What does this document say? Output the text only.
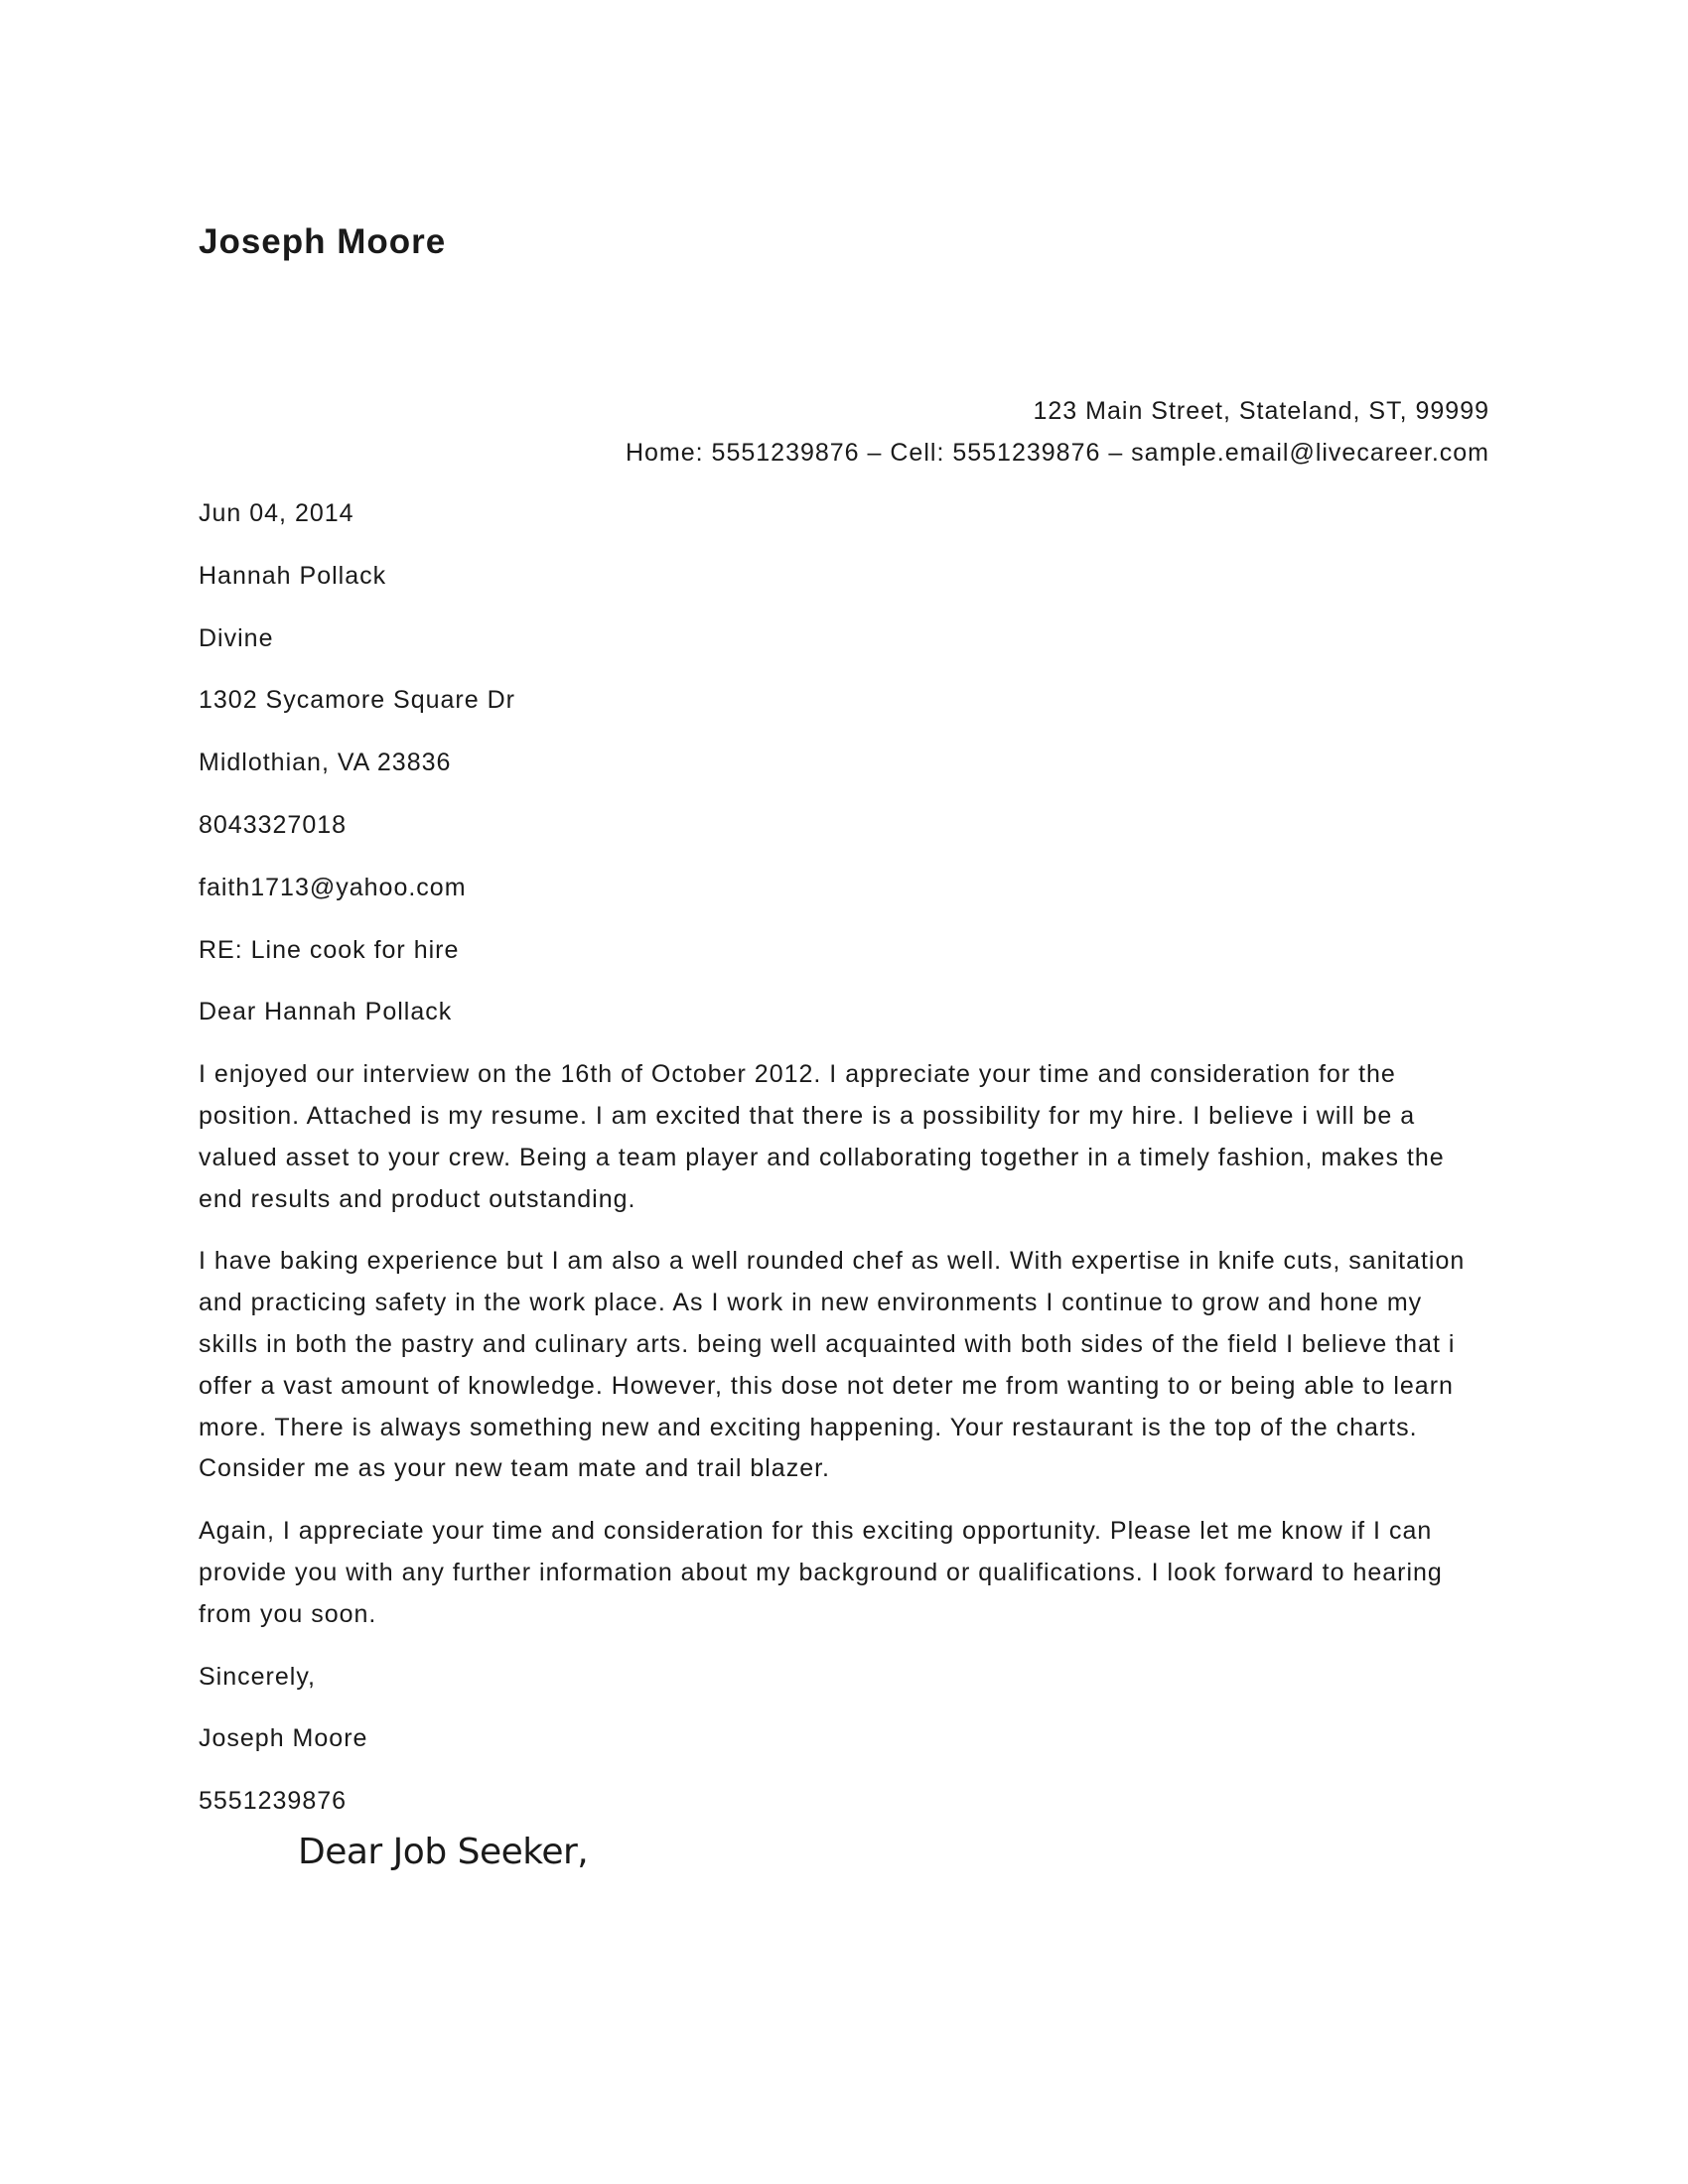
Joseph Moore
123 Main Street, Stateland, ST, 99999
Home: 5551239876 – Cell: 5551239876 – sample.email@livecareer.com

Jun 04, 2014

Hannah Pollack

Divine

1302 Sycamore Square Dr

Midlothian, VA 23836

8043327018

faith1713@yahoo.com

RE: Line cook for hire

Dear Hannah Pollack

I enjoyed our interview on the 16th of October 2012. I appreciate your time and consideration for the position. Attached is my resume. I am excited that there is a possibility for my hire. I believe i will be a valued asset to your crew. Being a team player and collaborating together in a timely fashion, makes the end results and product outstanding.

I have baking experience but I am also a well rounded chef as well. With expertise in knife cuts, sanitation and practicing safety in the work place. As I work in new environments I continue to grow and hone my skills in both the pastry and culinary arts. being well acquainted with both sides of the field I believe that i offer a vast amount of knowledge. However, this dose not deter me from wanting to or being able to learn more. There is always something new and exciting happening. Your restaurant is the top of the charts. Consider me as your new team mate and trail blazer.

Again, I appreciate your time and consideration for this exciting opportunity. Please let me know if I can provide you with any further information about my background or qualifications. I look forward to hearing from you soon.

Sincerely,

Joseph Moore

5551239876

Dear Job Seeker,
